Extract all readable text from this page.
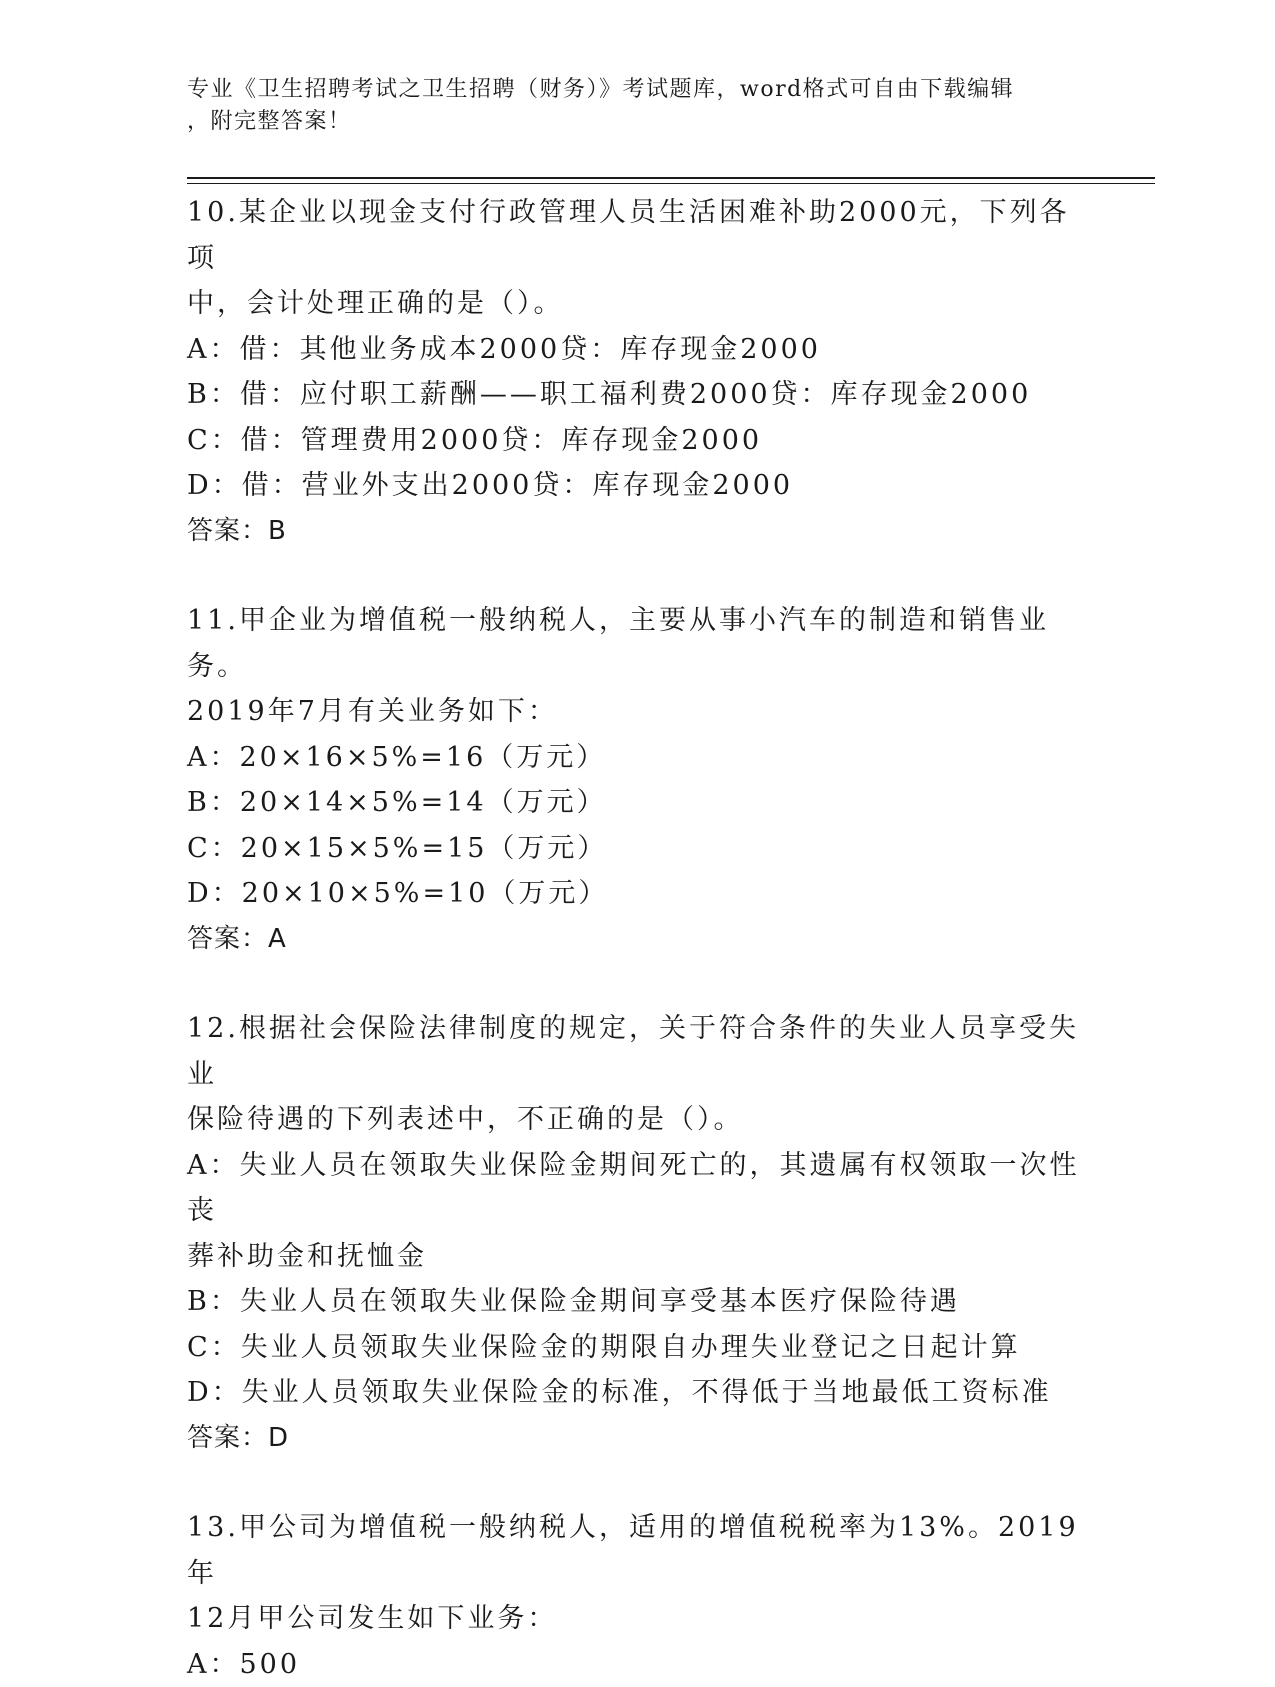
专业《卫生招聘考试之卫生招聘（财务）》考试题库，word格式可自由下载编辑
，附完整答案！

10.某企业以现金支付行政管理人员生活困难补助2000元，下列各项

中，会计处理正确的是（）。

A：借：其他业务成本2000贷：库存现金2000

B：借：应付职工薪酬——职工福利费2000贷：库存现金2000

C：借：管理费用2000贷：库存现金2000

D：借：营业外支出2000贷：库存现金2000

答案：B

11.甲企业为增值税一般纳税人，主要从事小汽车的制造和销售业务。

2019年7月有关业务如下：

A：20×16×5%=16（万元）

B：20×14×5%=14（万元）

C：20×15×5%=15（万元）

D：20×10×5%=10（万元）

答案：A

12.根据社会保险法律制度的规定，关于符合条件的失业人员享受失业

保险待遇的下列表述中，不正确的是（）。

A：失业人员在领取失业保险金期间死亡的，其遗属有权领取一次性丧

葬补助金和抚恤金

B：失业人员在领取失业保险金期间享受基本医疗保险待遇

C：失业人员领取失业保险金的期限自办理失业登记之日起计算

D：失业人员领取失业保险金的标准，不得低于当地最低工资标准

答案：D

13.甲公司为增值税一般纳税人，适用的增值税税率为13%。2019年

12月甲公司发生如下业务：

A：500
